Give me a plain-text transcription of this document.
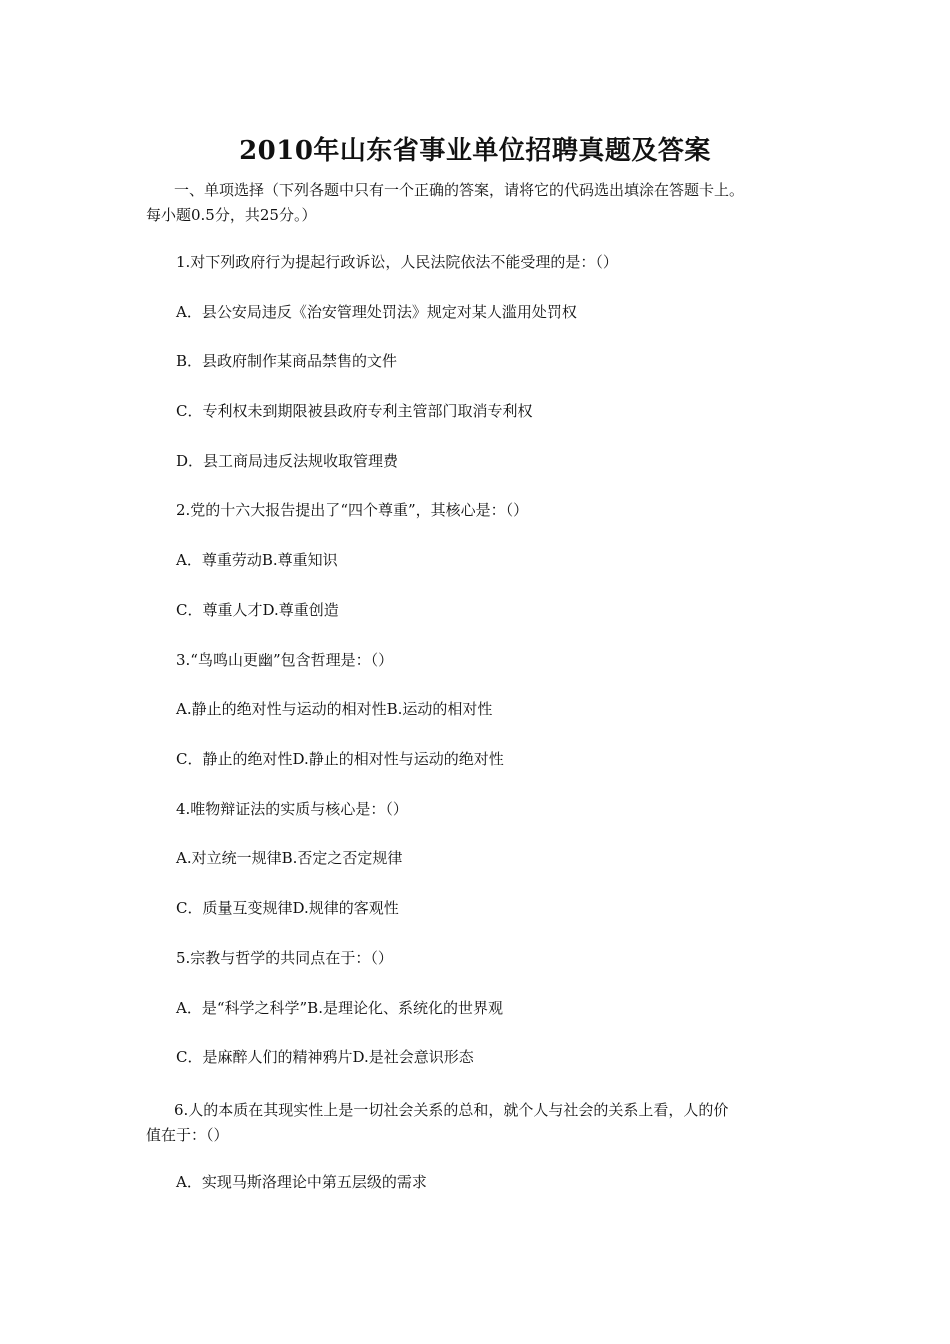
2010年山东省事业单位招聘真题及答案

一、单项选择（下列各题中只有一个正确的答案，请将它的代码选出填涂在答题卡上。

每小题0.5分，共25分。）

1.对下列政府行为提起行政诉讼，人民法院依法不能受理的是：（）
A．县公安局违反《治安管理处罚法》规定对某人滥用处罚权
B．县政府制作某商品禁售的文件
C．专利权未到期限被县政府专利主管部门取消专利权
D．县工商局违反法规收取管理费
2.党的十六大报告提出了“四个尊重”，其核心是：（）
A．尊重劳动B.尊重知识
C．尊重人才D.尊重创造
3.“鸟鸣山更幽”包含哲理是：（）
A.静止的绝对性与运动的相对性B.运动的相对性
C．静止的绝对性D.静止的相对性与运动的绝对性
4.唯物辩证法的实质与核心是：（）
A.对立统一规律B.否定之否定规律
C．质量互变规律D.规律的客观性
5.宗教与哲学的共同点在于：（）
A．是“科学之科学”B.是理论化、系统化的世界观
C．是麻醉人们的精神鸦片D.是社会意识形态

6.人的本质在其现实性上是一切社会关系的总和，就个人与社会的关系上看，人的价

值在于：（）

A．实现马斯洛理论中第五层级的需求
